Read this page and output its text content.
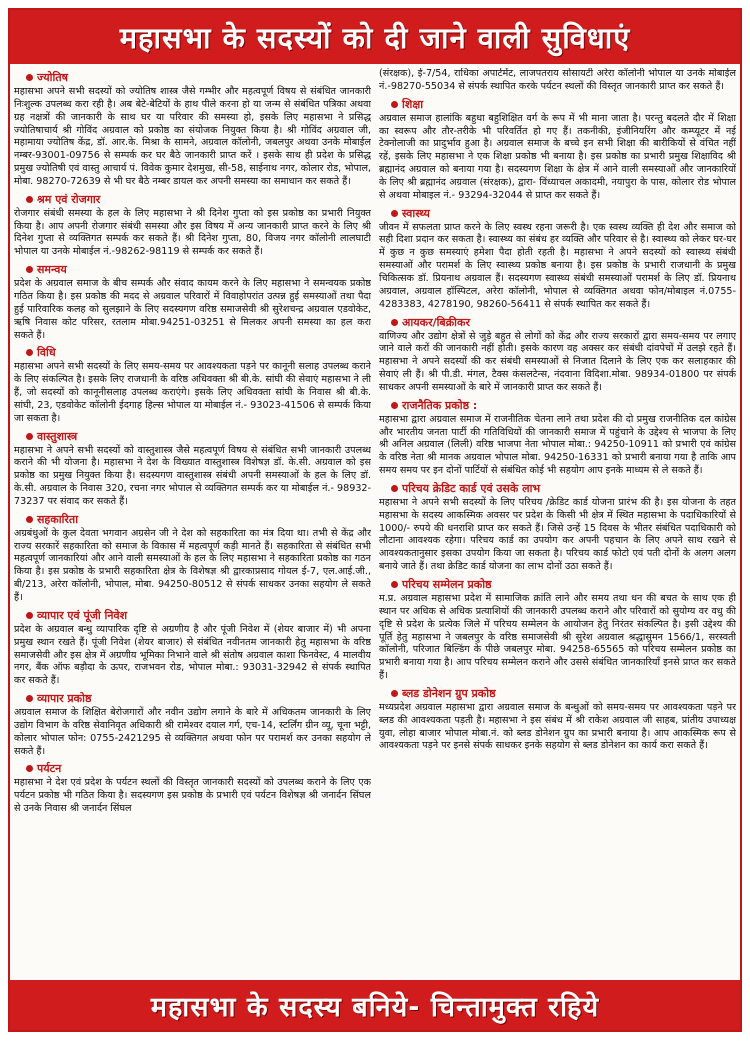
महासभा के सदस्यों को दी जाने वाली सुविधाएं
ज्योतिष

महासभा अपने सभी सदस्यों को ज्योतिष शास्त्र जैसे गम्भीर और महत्वपूर्ण विषय से संबंधित जानकारी निःशुल्क उपलब्ध करा रही है। अब बेटे-बेटियों के हाथ पीले करना हो या जन्म से संबंधित पत्रिका अथवा ग्रह नक्षत्रों की जानकारी के साथ घर या परिवार की समस्या हो, इसके लिए महासभा ने प्रसिद्ध ज्योतिषाचार्य श्री गोविंद अग्रवाल को प्रकोष्ठ का संयोजक नियुक्त किया है। श्री गोविंद अग्रवाल जी, महामाया ज्योतिष केंद्र, डॉ. आर.के. मिश्रा के सामने, अग्रवाल कॉलोनी, जबलपुर अथवा उनके मोबाईल नम्बर-93001-09756 से सम्पर्क कर घर बैठे जानकारी प्राप्त करें । इसके साथ ही प्रदेश के प्रसिद्ध प्रमुख ज्योतिषी एवं वास्तु आचार्य पं. विवेक कुमार देशमुख, सी-58, साईनाथ नगर, कोलार रोड, भोपाल, मोबा. 98270-72639 से भी घर बैठे नम्बर डायल कर अपनी समस्या का समाधान कर सकते हैं।

श्रम एवं रोजगार

रोजगार संबंधी समस्या के हल के लिए महासभा ने श्री दिनेश गुप्ता को इस प्रकोष्ठ का प्रभारी नियुक्त किया है। आप अपनी रोजगार संबंधी समस्या और इस विषय में अन्य जानकारी प्राप्त करने के लिए श्री दिनेश गुप्ता से व्यक्तिगत सम्पर्क कर सकते हैं। श्री दिनेश गुप्ता, 80, विजय नगर कॉलोनी लालघाटी भोपाल या उनके मोबाईल नं.-98262-98119 से सम्पर्क कर सकते हैं।

समन्वय

प्रदेश के अग्रवाल समाज के बीच सम्पर्क और संवाद कायम करने के लिए महासभा ने समन्वयक प्रकोष्ठ गठित किया है। इस प्रकोष्ठ की मदद से अग्रवाल परिवारों में विवाहोपरांत उत्पन्न हुई समस्याओं तथा पैदा हुई पारिवारिक कलह को सुलझाने के लिए सदस्यगण वरिष्ठ समाजसेवी श्री सुरेशचन्द्र अग्रवाल एडवोकेट, ऋषि निवास कोट परिसर, रतलाम मोबा.94251-03251 से मिलकर अपनी समस्या का हल करा सकते हैं।

विधि

महासभा अपने सभी सदस्यों के लिए समय-समय पर आवश्यकता पड़ने पर कानूनी सलाह उपलब्ध कराने के लिए संकल्पित है। इसके लिए राजधानी के वरिष्ठ अधिवक्ता श्री बी.के. सांघी की सेवाएं महासभा ने ली हैं, जो सदस्यों को कानूनीसलाह उपलब्ध कराएंगे। इसके लिए अधिवक्ता सांघी के निवास श्री बी.के. सांघी, 23, एडवोकेट कॉलोनी ईदगाह हिल्स भोपाल या मोबाईल नं.- 93023-41506 से सम्पर्क किया जा सकता है।

वास्तुशास्त्र

महासभा ने अपने सभी सदस्यों को वास्तुशास्त्र जैसे महत्वपूर्ण विषय से संबंधित सभी जानकारी उपलब्ध कराने की भी योजना है। महासभा ने देश के विख्यात वास्तुशास्त्र विशेषज्ञ डॉ. के.सी. अग्रवाल को इस प्रकोष्ठ का प्रमुख नियुक्त किया है। सदस्यगण वास्तुशास्त्र संबंधी अपनी समस्याओं के हल के लिए डॉ. के.सी. अग्रवाल के निवास 320, रचना नगर भोपाल से व्यक्तिगत सम्पर्क कर या मोबाईल नं.- 98932-73237 पर संवाद कर सकते हैं।

सहकारिता

अग्रबंधुओं के कुल देवता भगवान अग्रसेन जी ने देश को सहकारिता का मंत्र दिया था। तभी से केंद्र और राज्य सरकारें सहकारिता को समाज के विकास में महत्वपूर्ण कड़ी मानते हैं। सहकारिता से संबंधित सभी महत्वपूर्ण जानकारियां और आने वाली समस्याओं के हल के लिए महासभा ने सहकारिता प्रकोष्ठ का गठन किया है। इस प्रकोष्ठ के प्रभारी सहकारिता क्षेत्र के विशेषज्ञ श्री द्वारकाप्रसाद गोयल ई-7, एल.आई.जी., बी/213, अरेरा कॉलोनी, भोपाल, मोबा. 94250-80512 से संपर्क साधकर उनका सहयोग ले सकते हैं।

व्यापार एवं पूंजी निवेश

प्रदेश के अग्रवाल बन्धु व्यापारिक दृष्टि से अग्रणीय है और पूंजी निवेश में (शेयर बाजार में) भी अपना प्रमुख स्थान रखते हैं। पूंजी निवेश (शेयर बाजार) से संबंधित नवीनतम जानकारी हेतु महासभा के वरिष्ठ समाजसेवी और इस क्षेत्र में अग्रणीय भूमिका निभाने वाले श्री संतोष अग्रवाल काशा फिनवेस्ट, 4 मालवीय नगर, बैंक ऑफ बड़ौदा के ऊपर, राजभवन रोड, भोपाल मोबा.: 93031-32942 से संपर्क स्थापित कर सकते हैं।

व्यापार प्रकोष्ठ

अग्रवाल समाज के शिक्षित बेरोजगारों और नवीन उद्योग लगाने के बारे में अधिकतम जानकारी के लिए उद्योग विभाग के वरिष्ठ सेवानिवृत अधिकारी श्री रामेश्वर दयाल गर्ग, एच-14, स्टर्लिंग ग्रीन व्यू, चूना भट्टी, कोलार भोपाल फोन: 0755-2421295 से व्यक्तिगत अथवा फोन पर परामर्श कर उनका सहयोग ले सकते हैं।

पर्यटन

महासभा ने देश एवं प्रदेश के पर्यटन स्थलों की विस्तृत जानकारी सदस्यों को उपलब्ध कराने के लिए एक पर्यटन प्रकोष्ठ भी गठित किया है। सदस्यगण इस प्रकोष्ठ के प्रभारी एवं पर्यटन विशेषज्ञ श्री जनार्दन सिंघल से उनके निवास श्री जनार्दन सिंघल

(संरक्षक), ई-7/54, राधिका अपार्टमेंट, लाजपतराय सोसायटी अरेरा कॉलोनी भोपाल या उनके मोबाईल नं.-98270-55034 से संपर्क स्थापित करके पर्यटन स्थलों की विस्तृत जानकारी प्राप्त कर सकते हैं।

शिक्षा

अग्रवाल समाज हालांकि बहुधा बहुशिक्षित वर्ग के रूप में भी माना जाता है। परन्तु बदलते दौर में शिक्षा का स्वरूप और तौर-तरीके भी परिवर्तित हो गए हैं। तकनीकी, इंजीनियरिंग और कम्प्यूटर में नई टेक्नोलाजी का प्रादुर्भाव हुआ है। अग्रवाल समाज के बच्चे इन सभी शिक्षा की बारीकियों से वंचित नहीं रहें, इसके लिए महासभा ने एक शिक्षा प्रकोष्ठ भी बनाया है। इस प्रकोष्ठ का प्रभारी प्रमुख शिक्षाविद श्री ब्रह्मानंद अग्रवाल को बनाया गया है। सदस्यगण शिक्षा के क्षेत्र में आने वाली समस्याओं और जानकारियों के लिए श्री ब्रह्मानंद अग्रवाल (संरक्षक), द्वारा- विंध्याचल अकादमी, नयापुरा के पास, कोलार रोड भोपाल से अथवा मोबाइल नं.- 93294-32044 से प्राप्त कर सकते हैं।

स्वास्थ्य

जीवन में सफलता प्राप्त करने के लिए स्वस्थ रहना जरूरी है। एक स्वस्थ व्यक्ति ही देश और समाज को सही दिशा प्रदान कर सकता है। स्वास्थ्य का संबंध हर व्यक्ति और परिवार से है। स्वास्थ्य को लेकर घर-घर में कुछ न कुछ समस्याएं हमेशा पैदा होती रहती है। महासभा ने अपने सदस्यों को स्वास्थ्य संबंधी समस्याओं और परामर्श के लिए स्वास्थ्य प्रकोष्ठ बनाया है। इस प्रकोष्ठ के प्रभारी राजधानी के प्रमुख चिकित्सक डॉ. प्रियनाथ अग्रवाल हैं। सदस्यगण स्वास्थ्य संबंधी समस्याओं परामर्श के लिए डॉ. प्रियनाथ अग्रवाल, अग्रवाल हॉस्पिटल, अरेरा कॉलोनी, भोपाल से व्यक्तिगत अथवा फोन/मोबाइल नं.0755-4283383, 4278190, 98260-56411 से संपर्क स्थापित कर सकते हैं।

आयकर/बिक्रीकर

वाणिज्य और उद्योग क्षेत्रों से जुड़े बहुत से लोगों को केंद्र और राज्य सरकारों द्वारा समय-समय पर लगाए जाने वाले करों की जानकारी नहीं होती। इसके कारण वह अक्सर कर संबंधी दांवपेचों में उलझे रहते हैं। महासभा ने अपने सदस्यों की कर संबंधी समस्याओं से निजात दिलाने के लिए एक कर सलाहकार की सेवाएं ली हैं। श्री पी.डी. मंगल, टैक्स कंसलटेन्स, नंदवाना विदिशा.मोबा. 98934-01800 पर संपर्क साधकर अपनी समस्याओं के बारे में जानकारी प्राप्त कर सकते हैं।

राजनैतिक प्रकोष्ठ :

महासभा द्वारा अग्रवाल समाज में राजनीतिक चेतना लाने तथा प्रदेश की दो प्रमुख राजनीतिक दल कांग्रेस और भारतीय जनता पार्टी की गतिविधियों की जानकारी समाज में पहुंचाने के उद्देश्य से भाजपा के लिए श्री अनिल अग्रवाल (लिली) वरिष्ठ भाजपा नेता भोपाल मोबा.: 94250-10911 को प्रभारी एवं कांग्रेस के वरिष्ठ नेता श्री मानक अग्रवाल भोपाल मोबा. 94250-16331 को प्रभारी बनाया गया है ताकि आप समय समय पर इन दोनों पार्टियों से संबंधित कोई भी सहयोग आप इनके माध्यम से ले सकते हैं।

परिचय क्रेडिट कार्ड एवं उसके लाभ

महासभा ने अपने सभी सदस्यों के लिए परिचय /क्रेडिट कार्ड योजना प्रारंभ की है। इस योजना के तहत महासभा के सदस्य आकस्मिक अवसर पर प्रदेश के किसी भी क्षेत्र में स्थित महासभा के पदाधिकारियों से 1000/- रुपये की धनराशि प्राप्त कर सकते हैं। जिसे उन्हें 15 दिवस के भीतर संबंधित पदाधिकारी को लौटाना आवश्यक रहेगा। परिचय कार्ड का उपयोग कर अपनी पहचान के लिए अपने साथ रखने से आवश्यकतानुसार इसका उपयोग किया जा सकता है। परिचय कार्ड फोटो एवं पती दोनों के अलग अलग बनाये जाते हैं। तथा क्रेडिट कार्ड योजना का लाभ दोनों उठा सकते हैं।

परिचय सम्मेलन प्रकोष्ठ

म.प्र. अग्रवाल महासभा प्रदेश में सामाजिक क्रांति लाने और समय तथा धन की बचत के साथ एक ही स्थान पर अधिक से अधिक प्रत्याशियों की जानकारी उपलब्ध कराने और परिवारों को सुयोग्य वर वधु की दृष्टि से प्रदेश के प्रत्येक जिले में परिचय सम्मेलन के आयोजन हेतु निरंतर संकल्पित है। इसी उद्देश्य की पूर्ति हेतु महासभा ने जबलपुर के वरिष्ठ समाजसेवी श्री सुरेश अग्रवाल श्रद्धासुमन 1566/1, सरस्वती कॉलोनी, परिजात बिल्डिंग के पीछे जबलपुर मोबा. 94258-65565 को परिचय सम्मेलन प्रकोष्ठ का प्रभारी बनाया गया है। आप परिचय सम्मेलन कराने और उससे संबंधित जानकारियाँ इनसे प्राप्त कर सकते हैं।

ब्लड डोनेशन ग्रुप प्रकोष्ठ

मध्यप्रदेश अग्रवाल महासभा द्वारा अग्रवाल समाज के बन्धुओं को समय-समय पर आवश्यकता पड़ने पर ब्लड की आवश्यकता पड़ती है। महासभा ने इस संबंध में श्री राकेश अग्रवाल जी साहब, प्रांतीय उपाध्यक्ष युवा, लोहा बाजार भोपाल मोबा.नं. को ब्लड डोनेशन ग्रुप का प्रभारी बनाया है। आप आकस्मिक रूप से आवश्यकता पड़ने पर इनसे संपर्क साधकर इनके सहयोग से ब्लड डोनेशन का कार्य करा सकते हैं।

महासभा के सदस्य बनिये- चिन्तामुक्त रहिये
